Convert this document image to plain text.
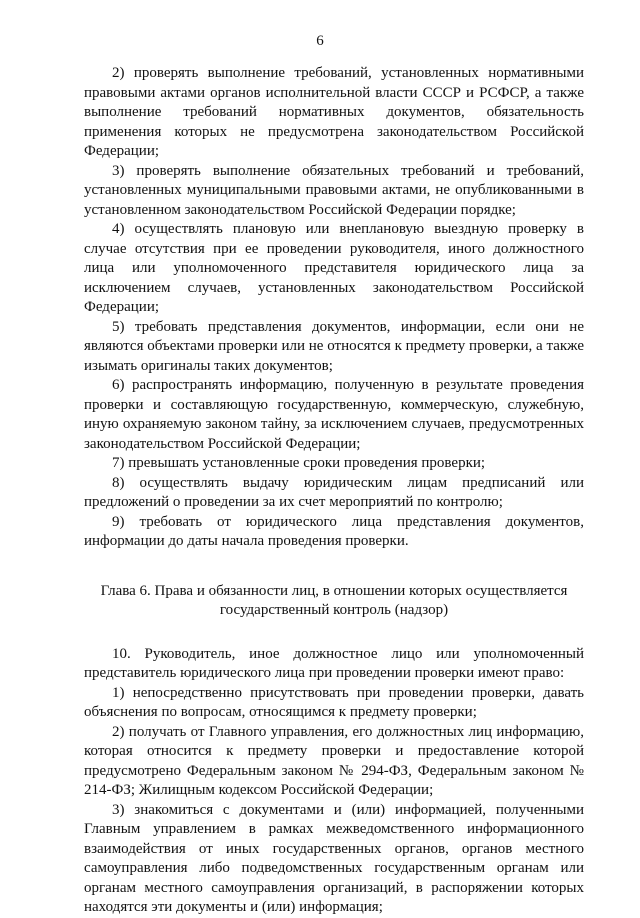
6

2) проверять выполнение требований, установленных нормативными правовыми актами органов исполнительной власти СССР и РСФСР, а также выполнение требований нормативных документов, обязательность применения которых не предусмотрена законодательством Российской Федерации;

3) проверять выполнение обязательных требований и требований, установленных муниципальными правовыми актами, не опубликованными в установленном законодательством Российской Федерации порядке;

4) осуществлять плановую или внеплановую выездную проверку в случае отсутствия при ее проведении руководителя, иного должностного лица или уполномоченного представителя юридического лица за исключением случаев, установленных законодательством Российской Федерации;

5) требовать представления документов, информации, если они не являются объектами проверки или не относятся к предмету проверки, а также изымать оригиналы таких документов;

6) распространять информацию, полученную в результате проведения проверки и составляющую государственную, коммерческую, служебную, иную охраняемую законом тайну, за исключением случаев, предусмотренных законодательством Российской Федерации;

7) превышать установленные сроки проведения проверки;

8) осуществлять выдачу юридическим лицам предписаний или предложений о проведении за их счет мероприятий по контролю;

9) требовать от юридического лица представления документов, информации до даты начала проведения проверки.

Глава 6. Права и обязанности лиц, в отношении которых осуществляется государственный контроль (надзор)

10. Руководитель, иное должностное лицо или уполномоченный представитель юридического лица при проведении проверки имеют право:

1) непосредственно присутствовать при проведении проверки, давать объяснения по вопросам, относящимся к предмету проверки;

2) получать от Главного управления, его должностных лиц информацию, которая относится к предмету проверки и предоставление которой предусмотрено Федеральным законом № 294-ФЗ, Федеральным законом № 214-ФЗ; Жилищным кодексом Российской Федерации;

3) знакомиться с документами и (или) информацией, полученными Главным управлением в рамках межведомственного информационного взаимодействия от иных государственных органов, органов местного самоуправления либо подведомственных государственным органам или органам местного самоуправления организаций, в распоряжении которых находятся эти документы и (или) информация;
